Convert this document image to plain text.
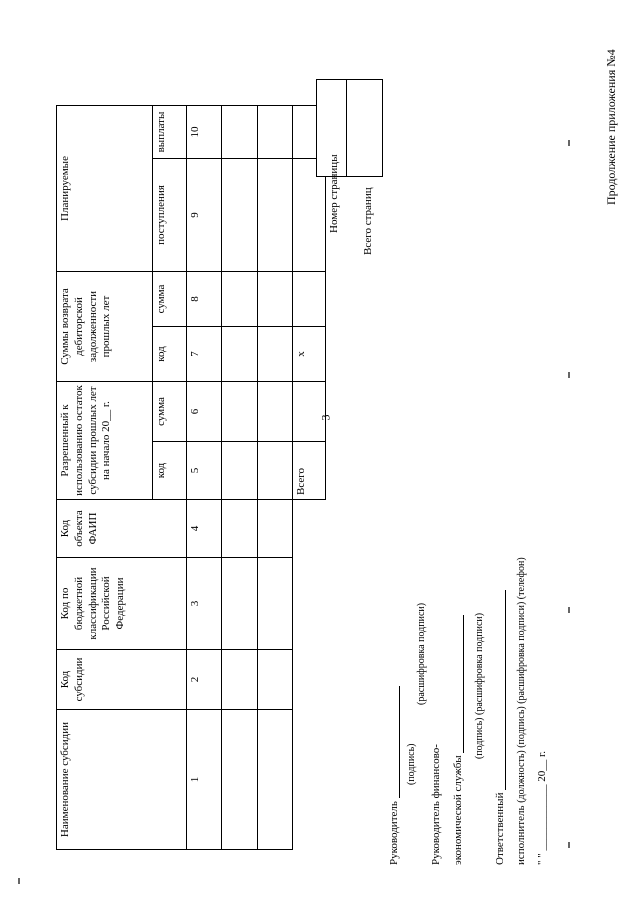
3
Продолжение приложения №4
Наименование субсидии	Код субсидии	Код по бюджетной классификации Российской Федерации	Код объекта ФАИП	Разрешенный к использованию остаток субсидии прошлых лет на начало 20__ г.		Суммы возврата дебиторской задолженности прошлых лет		Планируемые	
				код	сумма	код	сумма	поступления	выплаты
1	2	3	4	5	6	7	8	9	10

				Всего		x			
Номер страницы Всего страниц
Руководитель
(подпись)
(расшифровка подписи)
Руководитель финансово- экономической службы
(подпись) (расшифровка подписи)
Ответственный исполнитель (должность) (подпись) (расшифровка подписи) (телефон)
" " ____________ 20__ г.
